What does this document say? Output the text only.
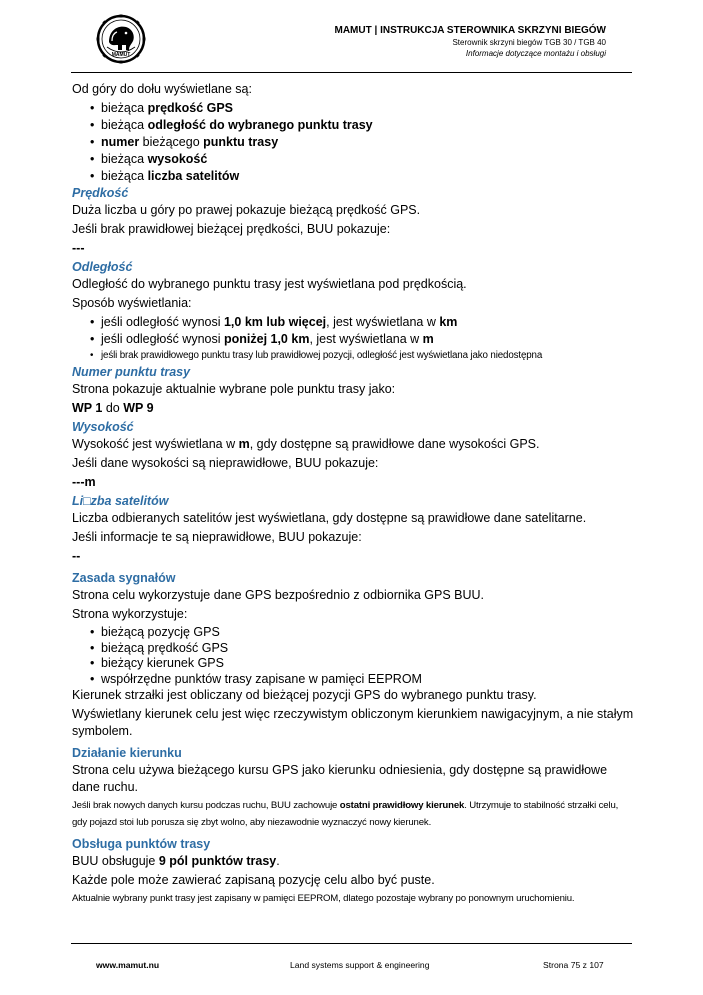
MAMUT
MAMUT | INSTRUKCJA STEROWNIKA SKRZYNI BIEGÓW
Sterownik skrzyni biegów TGB 30 / TGB 40
Informacje dotyczące montażu i obsługi

Od góry do dołu wyświetlane są:

• bieżąca prędkość GPS
• bieżąca odległość do wybranego punktu trasy
• numer bieżącego punktu trasy
• bieżąca wysokość
• bieżąca liczba satelitów

Prędkość

Duża liczba u góry po prawej pokazuje bieżącą prędkość GPS.

Jeśli brak prawidłowej bieżącej prędkości, BUU pokazuje:

---

Odległość

Odległość do wybranego punktu trasy jest wyświetlana pod prędkością.

Sposób wyświetlania:

• jeśli odległość wynosi 1,0 km lub więcej, jest wyświetlana w km
• jeśli odległość wynosi poniżej 1,0 km, jest wyświetlana w m
• jeśli brak prawidłowego punktu trasy lub prawidłowej pozycji, odległość jest wyświetlana jako niedostępna

Numer punktu trasy

Strona pokazuje aktualnie wybrane pole punktu trasy jako:

WP 1 do WP 9

Wysokość

Wysokość jest wyświetlana w m, gdy dostępne są prawidłowe dane wysokości GPS.

Jeśli dane wysokości są nieprawidłowe, BUU pokazuje:

---m

Li□zba satelitów

Liczba odbieranych satelitów jest wyświetlana, gdy dostępne są prawidłowe dane satelitarne.

Jeśli informacje te są nieprawidłowe, BUU pokazuje:

--

Zasada sygnałów

Strona celu wykorzystuje dane GPS bezpośrednio z odbiornika GPS BUU.

Strona wykorzystuje:

• bieżącą pozycję GPS
• bieżącą prędkość GPS
• bieżący kierunek GPS
• współrzędne punktów trasy zapisane w pamięci EEPROM

Kierunek strzałki jest obliczany od bieżącej pozycji GPS do wybranego punktu trasy.

Wyświetlany kierunek celu jest więc rzeczywistym obliczonym kierunkiem nawigacyjnym, a nie stałym symbolem.

Działanie kierunku

Strona celu używa bieżącego kursu GPS jako kierunku odniesienia, gdy dostępne są prawidłowe dane ruchu.

Jeśli brak nowych danych kursu podczas ruchu, BUU zachowuje ostatni prawidłowy kierunek. Utrzymuje to stabilność strzałki celu, gdy pojazd stoi lub porusza się zbyt wolno, aby niezawodnie wyznaczyć nowy kierunek.

Obsługa punktów trasy

BUU obsługuje 9 pól punktów trasy.

Każde pole może zawierać zapisaną pozycję celu albo być puste.

Aktualnie wybrany punkt trasy jest zapisany w pamięci EEPROM, dlatego pozostaje wybrany po ponownym uruchomieniu.

www.mamut.nu	Land systems support & engineering	Strona 75 z 107
